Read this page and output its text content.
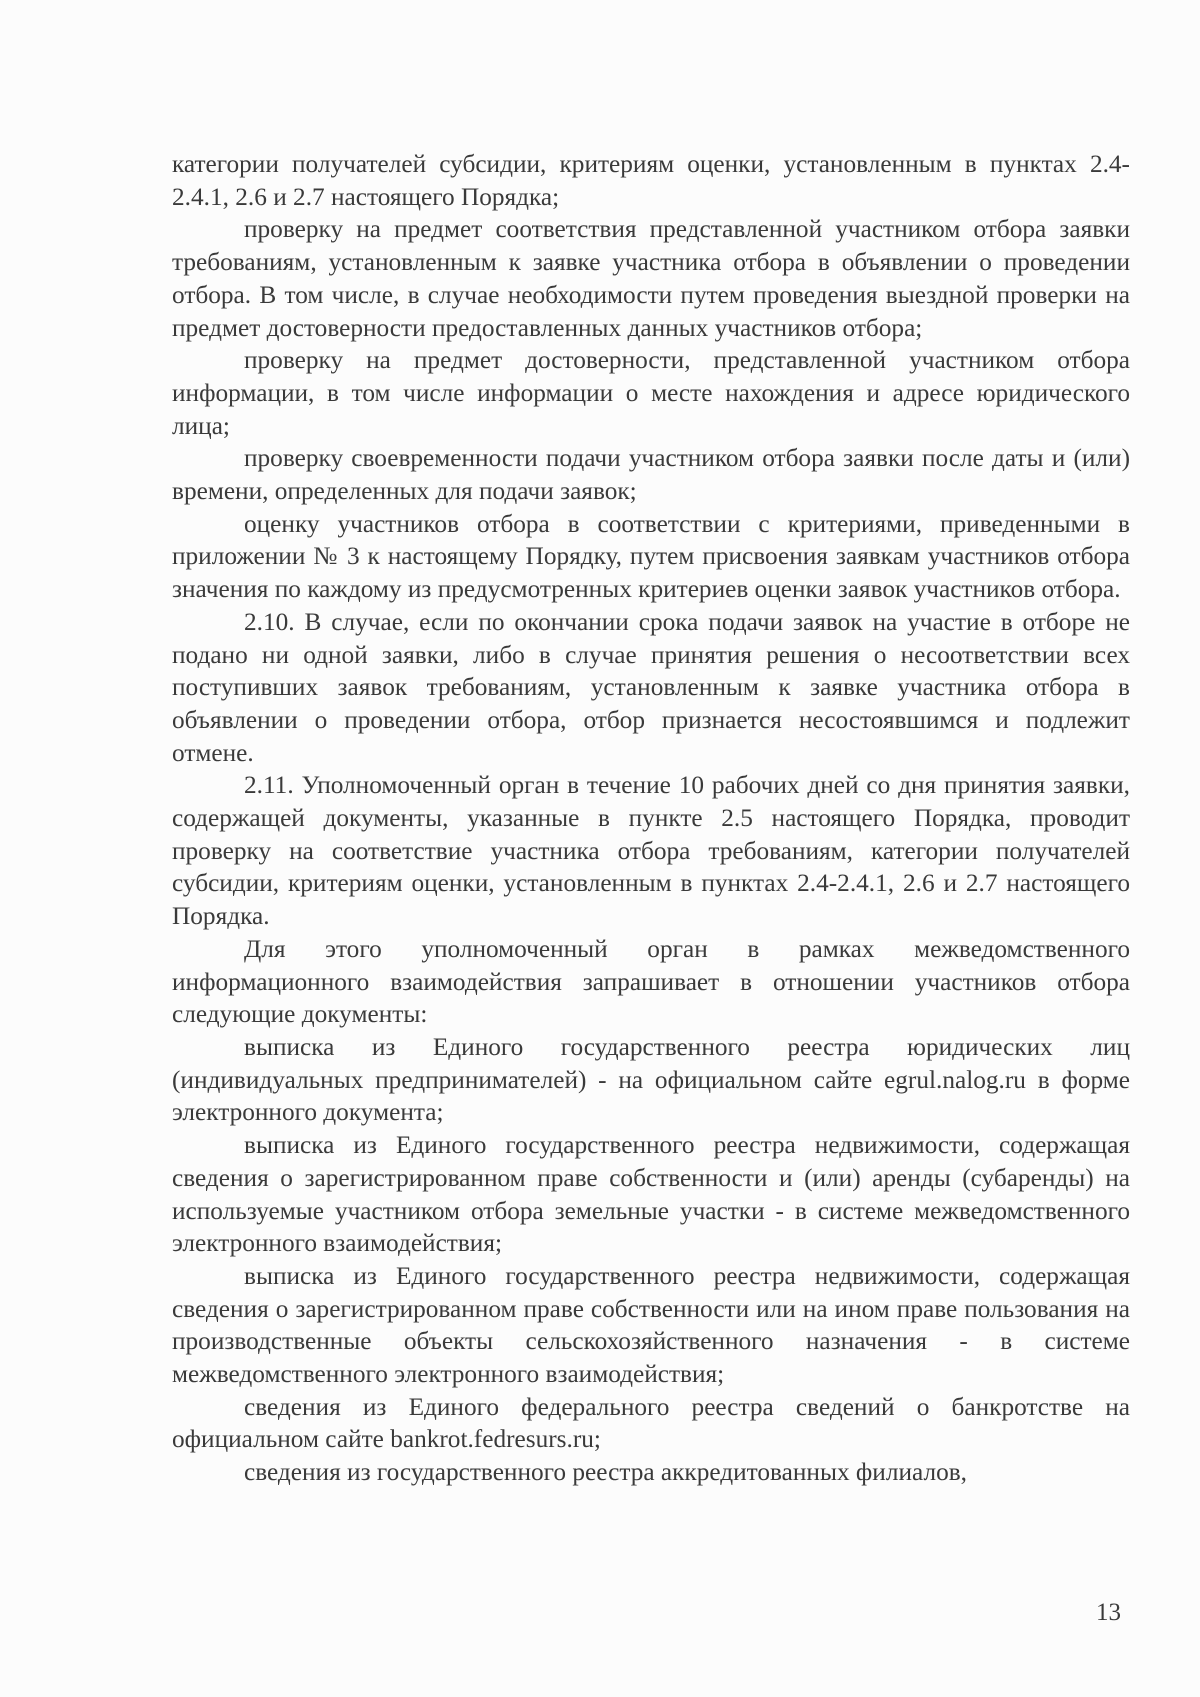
категории получателей субсидии, критериям оценки, установленным в пунктах 2.4-2.4.1, 2.6 и 2.7 настоящего Порядка;

проверку на предмет соответствия представленной участником отбора заявки требованиям, установленным к заявке участника отбора в объявлении о проведении отбора. В том числе, в случае необходимости путем проведения выездной проверки на предмет достоверности предоставленных данных участников отбора;

проверку на предмет достоверности, представленной участником отбора информации, в том числе информации о месте нахождения и адресе юридического лица;

проверку своевременности подачи участником отбора заявки после даты и (или) времени, определенных для подачи заявок;

оценку участников отбора в соответствии с критериями, приведенными в приложении № 3 к настоящему Порядку, путем присвоения заявкам участников отбора значения по каждому из предусмотренных критериев оценки заявок участников отбора.

2.10. В случае, если по окончании срока подачи заявок на участие в отборе не подано ни одной заявки, либо в случае принятия решения о несоответствии всех поступивших заявок требованиям, установленным к заявке участника отбора в объявлении о проведении отбора, отбор признается несостоявшимся и подлежит отмене.

2.11. Уполномоченный орган в течение 10 рабочих дней со дня принятия заявки, содержащей документы, указанные в пункте 2.5 настоящего Порядка, проводит проверку на соответствие участника отбора требованиям, категории получателей субсидии, критериям оценки, установленным в пунктах 2.4-2.4.1, 2.6 и 2.7 настоящего Порядка.

Для этого уполномоченный орган в рамках межведомственного информационного взаимодействия запрашивает в отношении участников отбора следующие документы:

выписка из Единого государственного реестра юридических лиц (индивидуальных предпринимателей) - на официальном сайте egrul.nalog.ru в форме электронного документа;

выписка из Единого государственного реестра недвижимости, содержащая сведения о зарегистрированном праве собственности и (или) аренды (субаренды) на используемые участником отбора земельные участки - в системе межведомственного электронного взаимодействия;

выписка из Единого государственного реестра недвижимости, содержащая сведения о зарегистрированном праве собственности или на ином праве пользования на производственные объекты сельскохозяйственного назначения - в системе межведомственного электронного взаимодействия;

сведения из Единого федерального реестра сведений о банкротстве на официальном сайте bankrot.fedresurs.ru;

сведения из государственного реестра аккредитованных филиалов,

13
